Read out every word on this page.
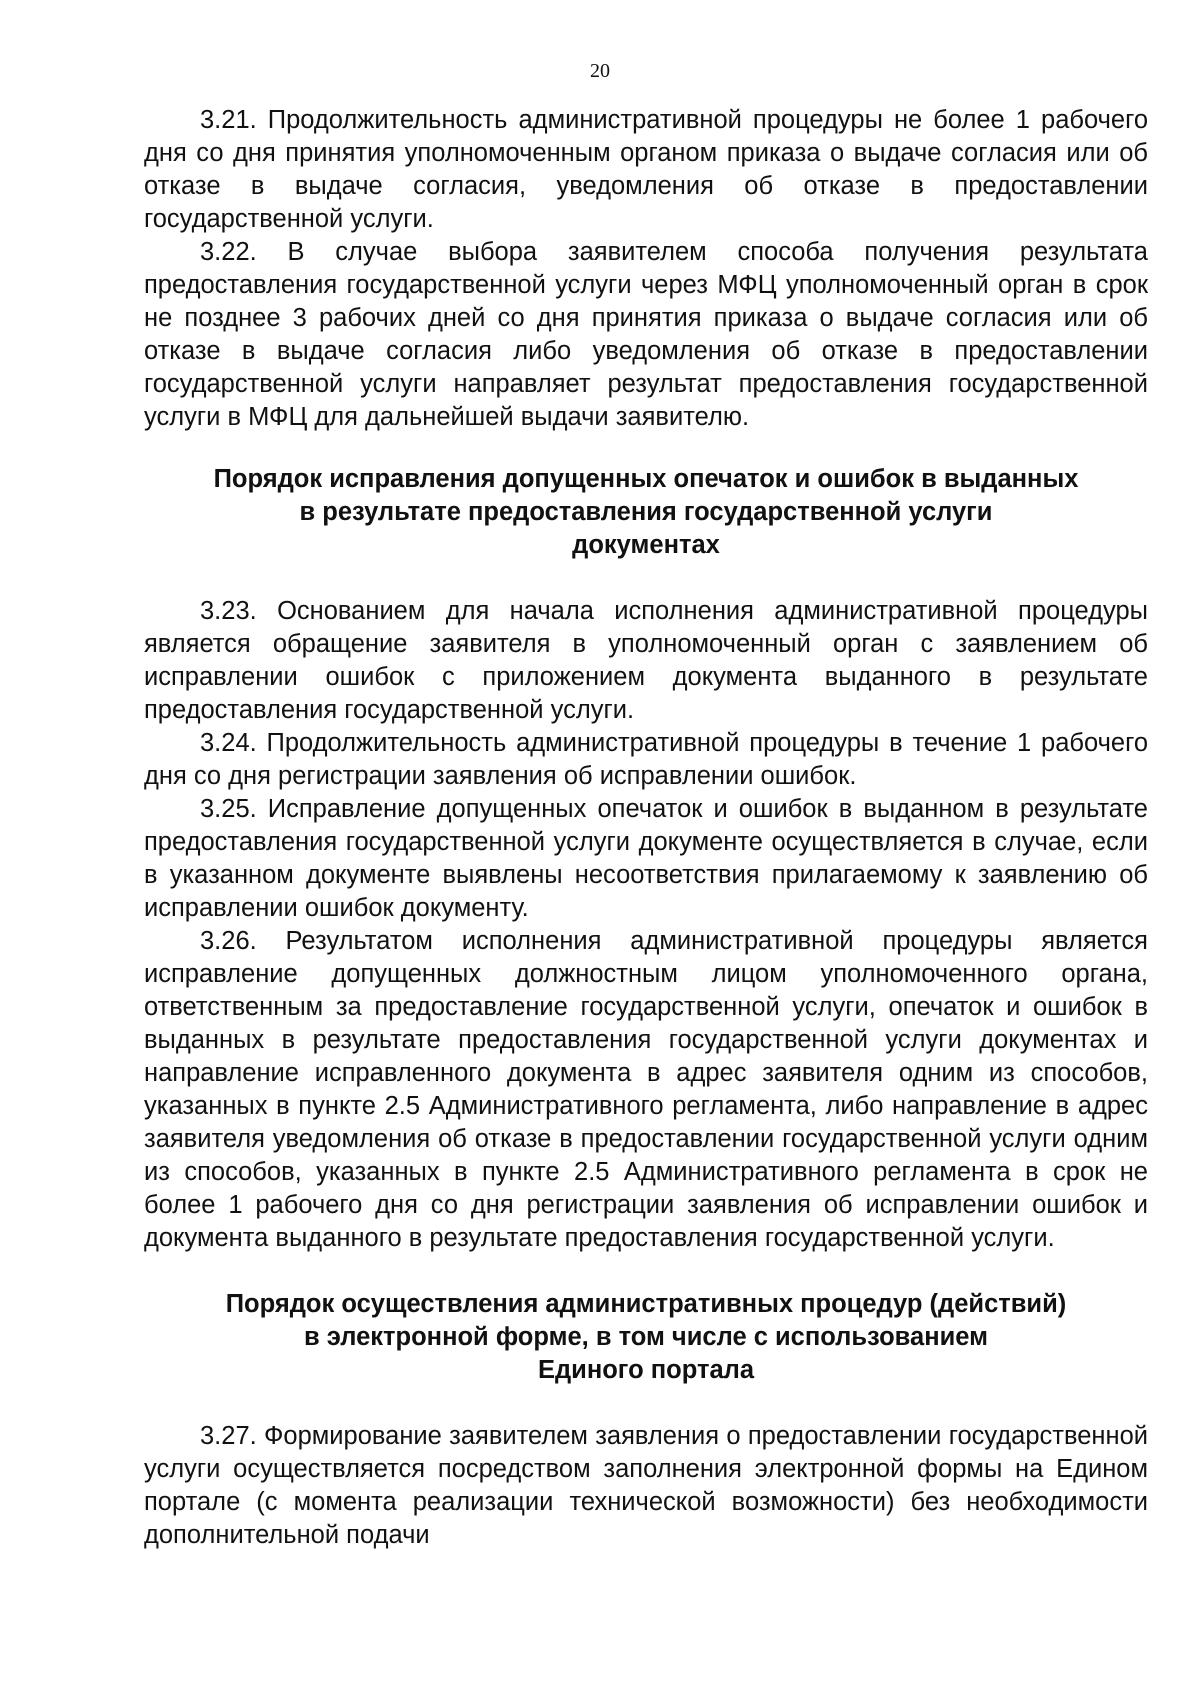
20

3.21. Продолжительность административной процедуры не более 1 рабочего дня со дня принятия уполномоченным органом приказа о выдаче согласия или об отказе в выдаче согласия, уведомления об отказе в предоставлении государственной услуги.

3.22. В случае выбора заявителем способа получения результата предоставления государственной услуги через МФЦ уполномоченный орган в срок не позднее 3 рабочих дней со дня принятия приказа о выдаче согласия или об отказе в выдаче согласия либо уведомления об отказе в предоставлении государственной услуги направляет результат предоставления государственной услуги в МФЦ для дальнейшей выдачи заявителю.

Порядок исправления допущенных опечаток и ошибок в выданных
в результате предоставления государственной услуги
документах

3.23. Основанием для начала исполнения административной процедуры является обращение заявителя в уполномоченный орган с заявлением об исправлении ошибок с приложением документа выданного в результате предоставления государственной услуги.

3.24. Продолжительность административной процедуры в течение 1 рабочего дня со дня регистрации заявления об исправлении ошибок.

3.25. Исправление допущенных опечаток и ошибок в выданном в результате предоставления государственной услуги документе осуществляется в случае, если в указанном документе выявлены несоответствия прилагаемому к заявлению об исправлении ошибок документу.

3.26. Результатом исполнения административной процедуры является исправление допущенных должностным лицом уполномоченного органа, ответственным за предоставление государственной услуги, опечаток и ошибок в выданных в результате предоставления государственной услуги документах и направление исправленного документа в адрес заявителя одним из способов, указанных в пункте 2.5 Административного регламента, либо направление в адрес заявителя уведомления об отказе в предоставлении государственной услуги одним из способов, указанных в пункте 2.5 Административного регламента в срок не более 1 рабочего дня со дня регистрации заявления об исправлении ошибок и документа выданного в результате предоставления государственной услуги.

Порядок осуществления административных процедур (действий)
в электронной форме, в том числе с использованием
Единого портала

3.27. Формирование заявителем заявления о предоставлении государственной услуги осуществляется посредством заполнения электронной формы на Едином портале (с момента реализации технической возможности) без необходимости дополнительной подачи
